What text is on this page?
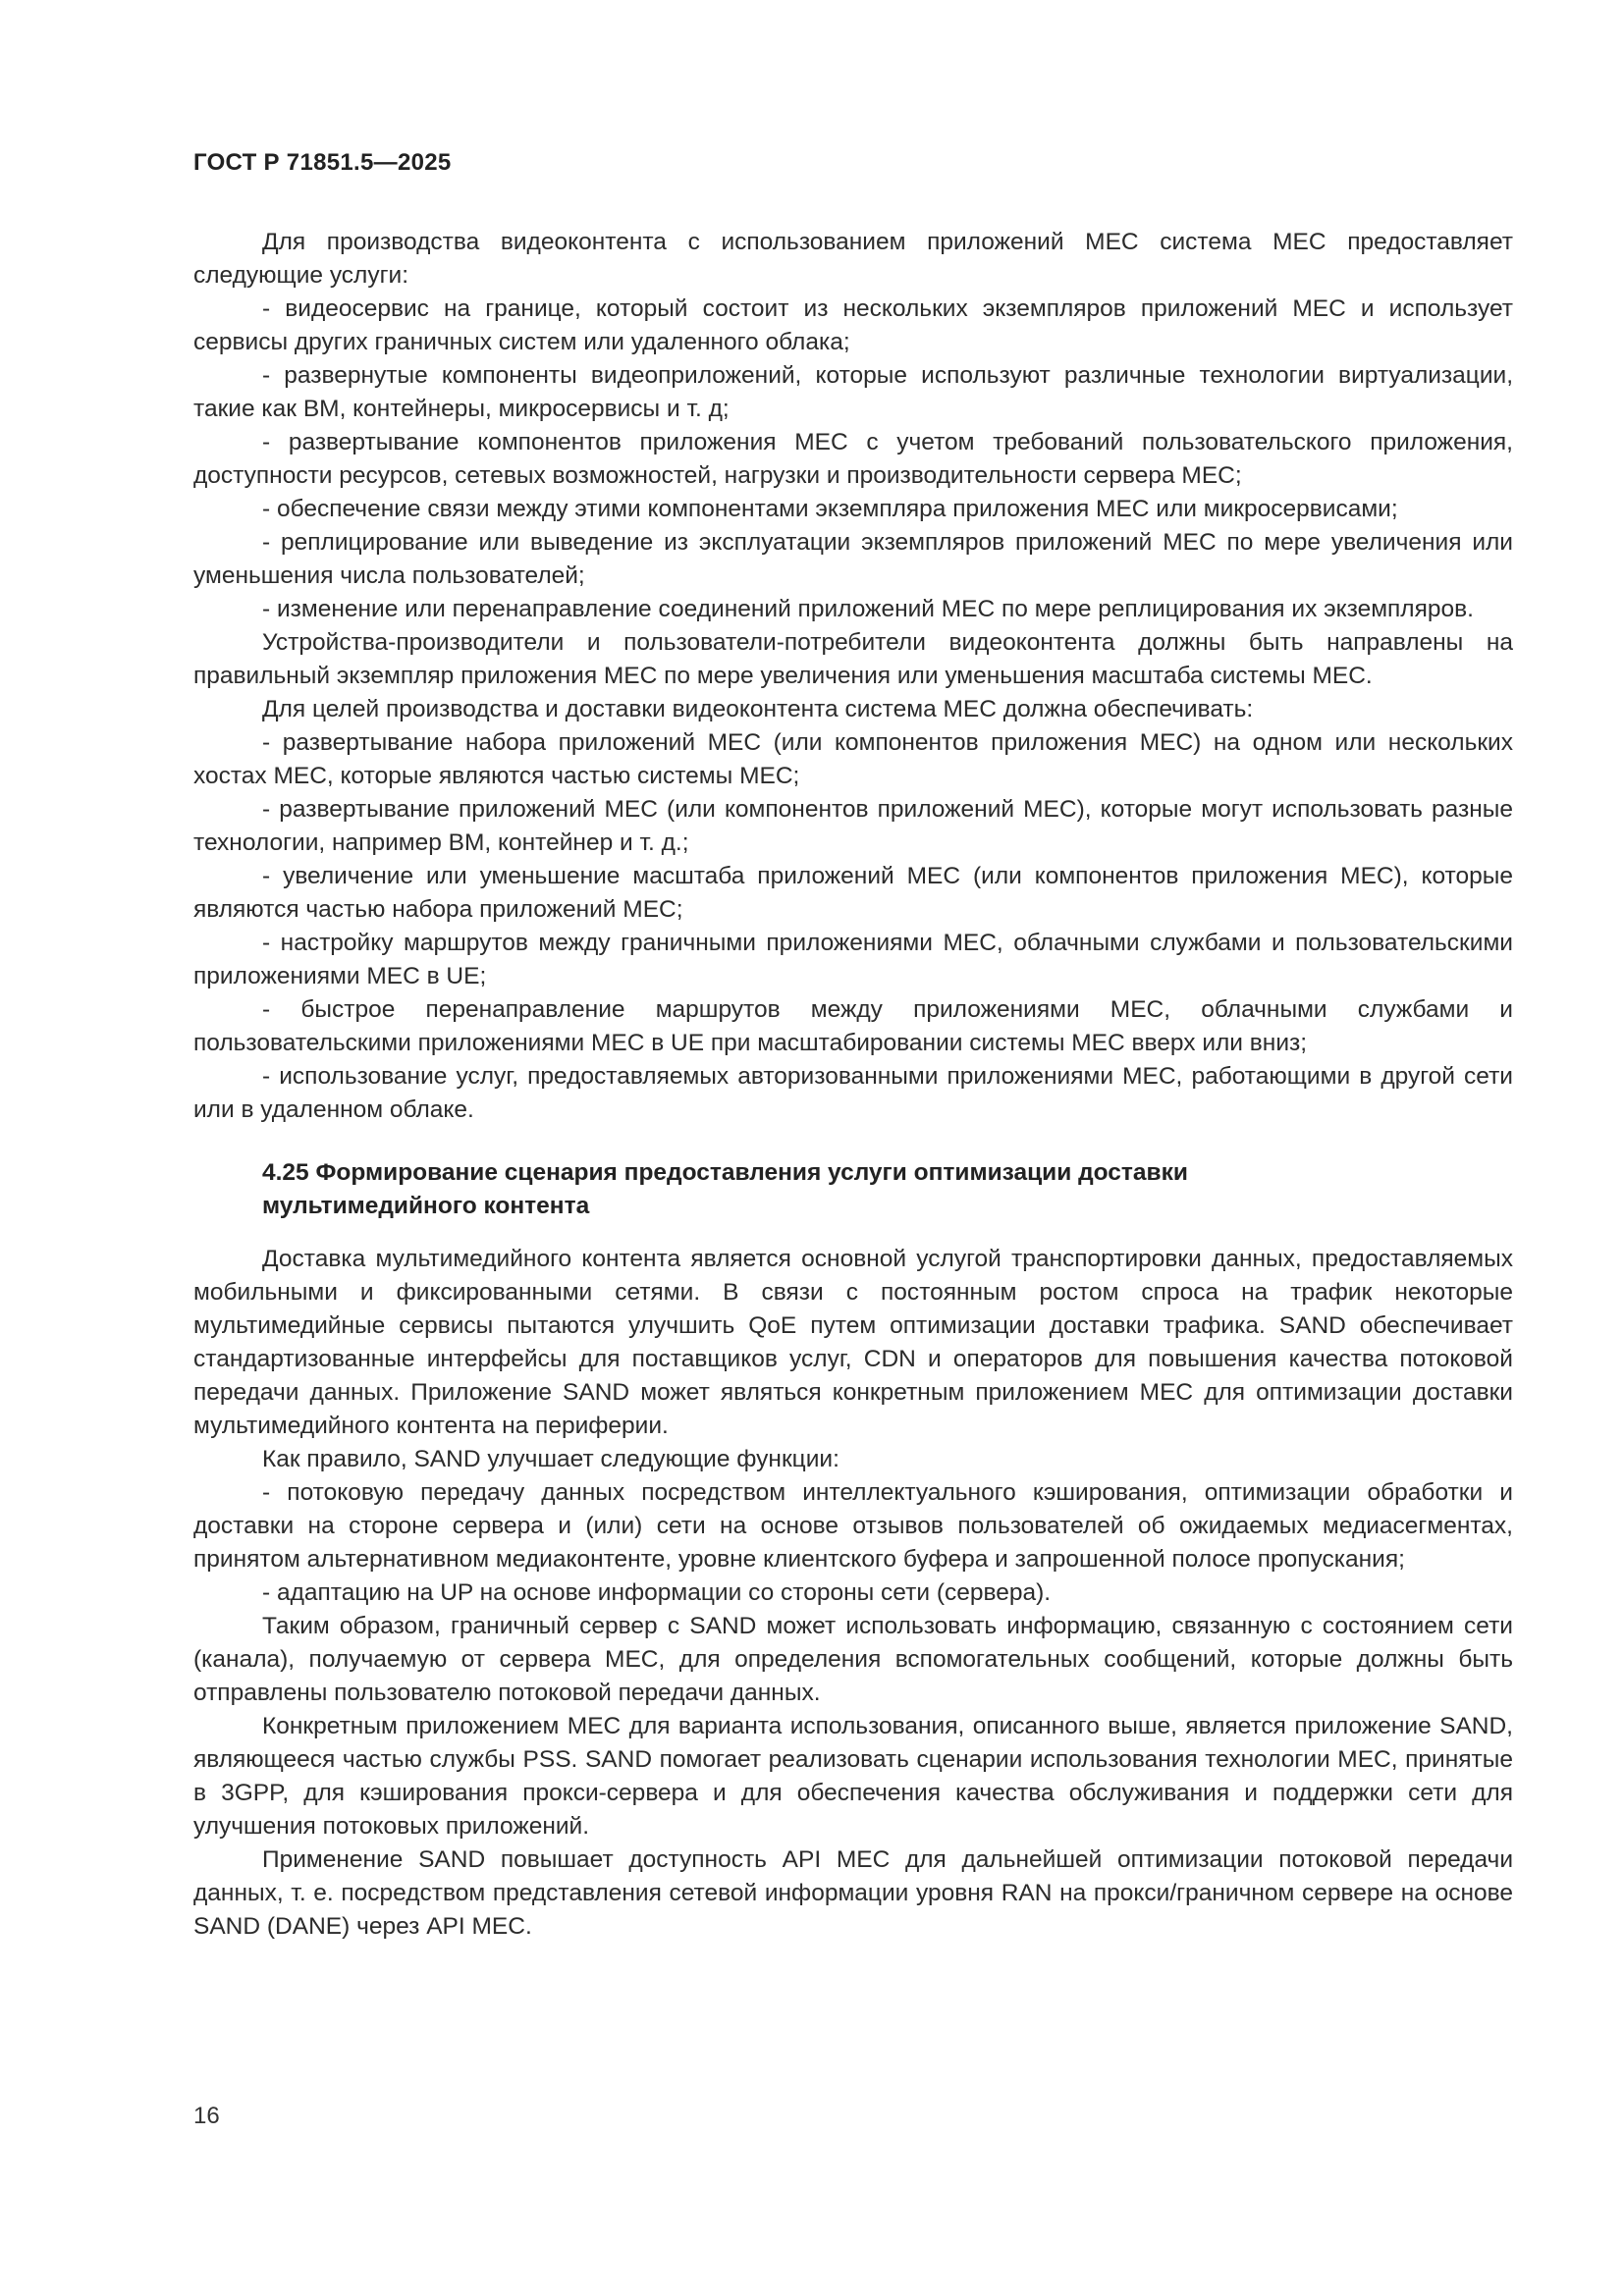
ГОСТ Р 71851.5—2025

Для производства видеоконтента с использованием приложений MEC система MEC предоставляет следующие услуги:

- видеосервис на границе, который состоит из нескольких экземпляров приложений MEC и использует сервисы других граничных систем или удаленного облака;

- развернутые компоненты видеоприложений, которые используют различные технологии виртуализации, такие как ВМ, контейнеры, микросервисы и т. д;

- развертывание компонентов приложения MEC с учетом требований пользовательского приложения, доступности ресурсов, сетевых возможностей, нагрузки и производительности сервера MEC;

- обеспечение связи между этими компонентами экземпляра приложения MEC или микросервисами;

- реплицирование или выведение из эксплуатации экземпляров приложений MEC по мере увеличения или уменьшения числа пользователей;

- изменение или перенаправление соединений приложений MEC по мере реплицирования их экземпляров.

Устройства-производители и пользователи-потребители видеоконтента должны быть направлены на правильный экземпляр приложения MEC по мере увеличения или уменьшения масштаба системы MEC.

Для целей производства и доставки видеоконтента система MEC должна обеспечивать:

- развертывание набора приложений MEC (или компонентов приложения MEC) на одном или нескольких хостах MEC, которые являются частью системы MEC;

- развертывание приложений MEC (или компонентов приложений MEC), которые могут использовать разные технологии, например ВМ, контейнер и т. д.;

- увеличение или уменьшение масштаба приложений MEC (или компонентов приложения MEC), которые являются частью набора приложений MEC;

- настройку маршрутов между граничными приложениями MEC, облачными службами и пользовательскими приложениями MEC в UE;

- быстрое перенаправление маршрутов между приложениями MEC, облачными службами и пользовательскими приложениями MEC в UE при масштабировании системы MEC вверх или вниз;

- использование услуг, предоставляемых авторизованными приложениями MEC, работающими в другой сети или в удаленном облаке.

4.25 Формирование сценария предоставления услуги оптимизации доставки
мультимедийного контента

Доставка мультимедийного контента является основной услугой транспортировки данных, предоставляемых мобильными и фиксированными сетями. В связи с постоянным ростом спроса на трафик некоторые мультимедийные сервисы пытаются улучшить QoE путем оптимизации доставки трафика. SAND обеспечивает стандартизованные интерфейсы для поставщиков услуг, CDN и операторов для повышения качества потоковой передачи данных. Приложение SAND может являться конкретным приложением MEC для оптимизации доставки мультимедийного контента на периферии.

Как правило, SAND улучшает следующие функции:

- потоковую передачу данных посредством интеллектуального кэширования, оптимизации обработки и доставки на стороне сервера и (или) сети на основе отзывов пользователей об ожидаемых медиасегментах, принятом альтернативном медиаконтенте, уровне клиентского буфера и запрошенной полосе пропускания;

- адаптацию на UP на основе информации со стороны сети (сервера).

Таким образом, граничный сервер с SAND может использовать информацию, связанную с состоянием сети (канала), получаемую от сервера MEC, для определения вспомогательных сообщений, которые должны быть отправлены пользователю потоковой передачи данных.

Конкретным приложением MEC для варианта использования, описанного выше, является приложение SAND, являющееся частью службы PSS. SAND помогает реализовать сценарии использования технологии MEC, принятые в 3GPP, для кэширования прокси-сервера и для обеспечения качества обслуживания и поддержки сети для улучшения потоковых приложений.

Применение SAND повышает доступность API MEC для дальнейшей оптимизации потоковой передачи данных, т. е. посредством представления сетевой информации уровня RAN на прокси/граничном сервере на основе SAND (DANE) через API MEC.

16
